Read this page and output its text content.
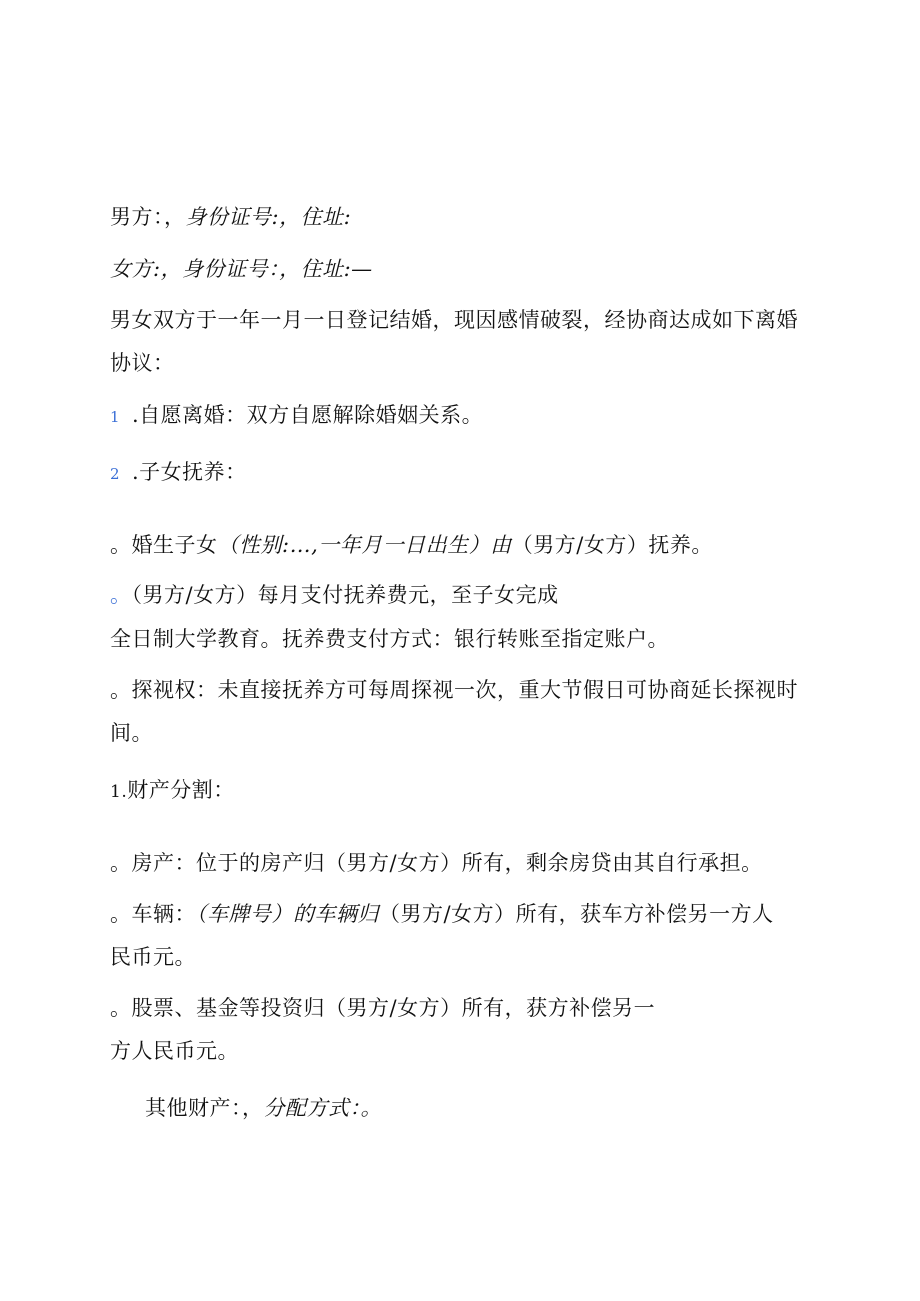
男方：，身份证号:，住址:
女方:，身份证号：，住址:—
男女双方于一年一月一日登记结婚，现因感情破裂，经协商达成如下离婚
协议：
1 .自愿离婚：双方自愿解除婚姻关系。
2 .子女抚养：
。婚生子女（性别:…,一年月一日出生）由（男方/女方）抚养。
。（男方/女方）每月支付抚养费元，至子女完成
全日制大学教育。抚养费支付方式：银行转账至指定账户。
。探视权：未直接抚养方可每周探视一次，重大节假日可协商延长探视时
间。
1.财产分割：
。房产：位于的房产归（男方/女方）所有，剩余房贷由其自行承担。
。车辆：（车牌号）的车辆归（男方/女方）所有，获车方补偿另一方人
民币元。
。股票、基金等投资归（男方/女方）所有，获方补偿另一
方人民币元。
其他财产：，分配方式：。
